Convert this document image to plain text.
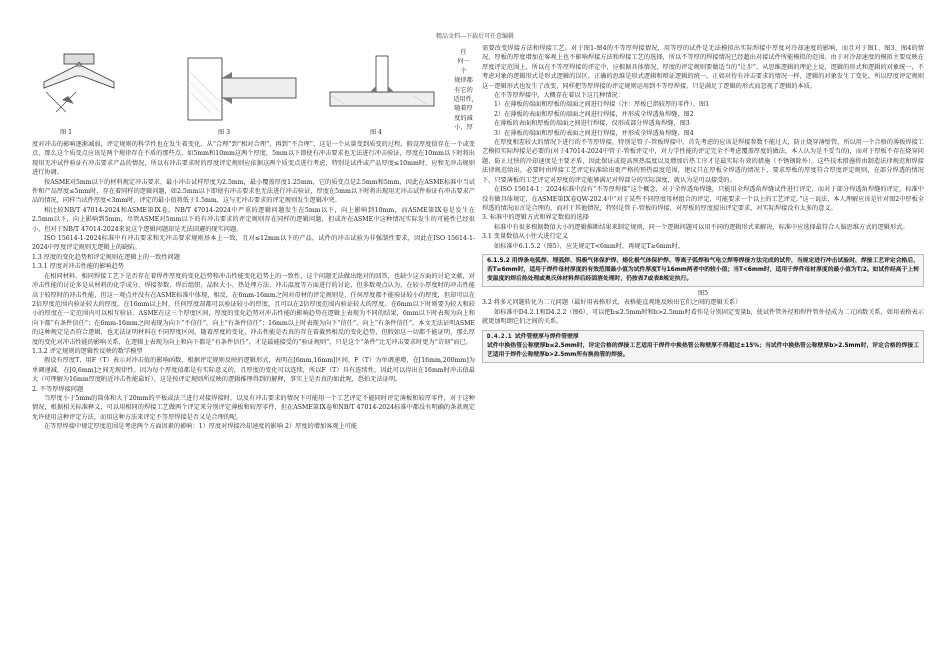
精品文档---下载后可任意编辑
图 1	图 3	图 4
任
何一
个
规律都
有它的
适用性,
随着厚
度的减
小，厚

度对冲击的影响逐渐减弱，评定规则的科学性也在发生着变化，从“合理”到“相对合理”，再到“不合理”，这是一个从量变到质变的过程，假设厚度值存在一个或变点，那么这个质变点应该是两个规律存在不盾的那些点，如5mm和10mm这两个厚度，5mm以下即使有冲击要求也无法进行冲击验证，厚度在10mm以下时将出现用无冲试件验证有冲击要求产品的情况，所以有冲击要求时的厚度评定规则应依据这两个质变点进行考虑，特别是试件或产品厚度≤10mm时，应和无冲击规则进行协调。

按ASME对5mm以下的材料规定冲击要求，最小冲击试样厚度为2.5mm，最小覆盖厚度1.25mm，它的质变点是2.5mm和5mm，因此在ASME标准中当试件和产品厚度≤5mm时，存在着同样的逻辑问题，如2.5mm以下即使有冲击要求也无法进行冲击验证，厚度在5mm以下时将出现用无冲击试件验证有冲击要求产品的情况，同样当试件厚度<3mm时，评定的最小值将低于1.5mm，这与无冲击要求的评定规则发生逻辑冲突。

相比较NB/T 47014-2024和ASME第IX卷，NB/T 47014-2024中严重的逻辑问题发生在5mm以下，向上影响到10mm，而ASME第IX卷是发生在2.5mm以下，向上影响到5mm，尽管ASME对5mm以下的有冲击要求的评定规则存在同样的逻辑问题，但或许在ASME中这种情况实际发生的可能性已经很小，但对于NB/T 47014-2024来说这个逻辑问题却是无法回避的现实问题。

ISO 15614-1-2024标准中有冲击要求和无冲击要求规则基本上一致，且对≤12mm以下的产品，试件的冲击试验为非强制性要求，因此在ISO 15614-1-2024中厚度评定规则无逻辑上的缺陷。

1.3 厚度的变化趋势和评定规则在逻辑上的一致性问题

1.3.1 厚度对冲击性能的影响趋势

在相同材料、相同焊接工艺下是否存在着焊件厚度的变化趋势和冲击性能变化趋势上的一致性，这个问题无法做出绝对的回答，也缺少这方面的讨论文献，对冲击性能的讨论多是从材料的化学成分、焊接参数、焊后组织、晶粒大小、热处理方法、冲击温度等方面进行的讨论，但多数观点认为，在较小厚度时的冲击性能高于较厚时的冲击性能，但这一观点并没有在ASME标准中体现，相反，在6mm-16mm之间对母材的评定规则是，任何厚度都不能验证较小的厚度，但却可以在2倍厚度范围内验证较大的厚度。在16mm以上时，任何厚度却都可以验证较小的厚度，且可以在2倍厚度范围内验证较大的厚度。在6mm以下时则要为较大和较小的厚度在一定范围内可以相互验证。ASME在这三个厚度区间，厚度的变化趋势对冲击性能的影响趋势在逻辑上表现为不同的结果，6mm以下时表现为向上和向下都“有条件信任”；在6mm-16mm之间表现为向下“不信任”，向上“有条件信任”；16mm以上时表现为向下“信任”，向上“有条件信任”。本文无法证明ASME的这种规定是否符合逻辑，也无法证明材料在不同厚度区间，随着厚度的变化，冲击性能是否真的存在着截然相反的变化趋势，但假如这一切都不能证明，那么厚度的变化对冲击性能的影响关系，在逻辑上表现为向上和向下都是“有条件信任”，才是最能接受的“验证规则”，只是这个“条件”比无冲击要求时更为“苛刻”而已。

1.3.2 评定规则的逻辑性反映的数学模型

假设有厚度T，用F（T）表示对冲击值的影响函数，根据评定规则反映的逻辑形式，表明在[6mm,16mm]区间，F（T）为单调递增，在[16mm,200mm]为单调递减，在[0,6mm]之间无规律性。因为每个厚度值都是有实际意义的，且厚度的变化可以连续，所以F（T）具有连续性，因此可以得出在16mm时冲击值最大（可理解为16mm厚度附近冲击性能最好），这是按评定规则所反映的逻辑推理得到的解释，事实上是否真的如此呢，恐怕无法证明。

2. 不等厚焊接问题

当厚度小于5mm的筒体和大于20mm的平板或法兰进行对接焊接时，以及有冲击要求的情况下可能用一个工艺评定不能同时评定薄板和较厚零件，对于这种情况，根据相关标准释义，可以用相同的焊接工艺做两个评定来分别评定薄板和较厚零件，但在ASME第IX卷和NB/T 47014-2024标准中都没有明确的条款规定允许使用这种评定方法，而用这种方法来评定不等厚焊接是否又是合理的呢。

在等厚焊接中规定厚度范围是考虑两个方面因素的影响：1）厚度对焊接冷却速度的影响 2）厚度的增加客观上可能

需要改变焊接方法和焊接工艺。对于图1-图4的不等厚焊接情况，用等厚的试件是无法模拟出实际焊接中厚度对冷却速度的影响，而且对于图1、图3、图4的情况，厚板的厚度增加在客观上也不影响焊接方法和焊接工艺的选择，所以不等厚的焊接情况已经超出对接试件所能模拟的范围。由于对冷却速度的模拟主要反映在厚度评定范围上，所以在不等厚焊接的评定中，应根据具体情况，厚度的评定规则要做适当的“让步”，从思维逻辑的理论上说，逻辑的形式和逻辑的对象统一，不考虑对象的逻辑形式是形式逻辑的误区，正确的思维是形式逻辑和辩证逻辑的统一。正如对待有冲击要求的情况一样，逻辑的对象发生了变化，所以厚度评定规则这一逻辑形式也发生了改变，同样把等厚焊接的评定规则运用到不等厚焊接，只是满足了逻辑的形式而忽视了逻辑的本质。

在不等厚焊接中，大概存在着以下这几种情况：

1）在薄板的端面和厚板的端面之间进行焊接（注：厚板已指较厚的零件），图1

2）在薄板的表面和厚板的端面之间进行焊接，并形成全焊透角焊缝，图2

在薄板的表面和厚板的端面之间进行焊接，仅形成部分焊透角焊缝，图3

3）在薄板的端面和厚板的表面之间进行焊接，并形成全焊透角焊缝，图4

在厚度相差较大的情况下进行的不等厚焊接，特别是管子-管板焊接中，首先考虑的应该是焊接参数不能过大，防止烧穿薄壁管，所以用一个合格的薄板焊接工艺模拟实际焊接是必要的(对于47014-2024中管子-管板评定中，对力学性能的评定完全不考虑覆盖厚度的做法，本人认为是不妥当的)，而对于厚板不存在烧穿问题，防止过快的冷却速度是主要矛盾，因此保证或提高预热温度以及增加后热工序才是最实际有效的措施（不锈钢除外）。这些技术措施将由制造法律规范和焊接法律规范给出，必要时由焊接工艺评定标准给出更严格的预热温度范围，建议只在厚板全焊透的情况下，要求厚板的厚度符合厚度评定规则，在部分焊透的情况下，只要薄板的工艺评定对厚度的评定能够满足对焊部分的实际深度，就认为是可以接受的。

在ISO 15614-1：2024标准中没有“不等厚焊接”这个概念，对于全焊透角焊缝，只能用全焊透角焊缝试件进行评定，而对于部分焊透角焊缝的评定，标准中没有做具体规定，在ASME第IX卷QW-202.4中“对于某些不同厚度母材组合的评定，可能要求一个以上的工艺评定。”这一说法，本人理解应该是针对图2中厚板全焊透的情况而言是合理的，而对于其他情况，特别是管子-管板的焊接，对厚板的厚度提出评定要求，对实际焊接没有太多的意义。

3. 标准中的逻辑方式和界定数值的选择

标准中有很多根据数值大小的逻辑推断结果来制定规则，同一个逻辑问题可以用不同的逻辑形式来解决，标准中应选择最符合人脑思维方式的逻辑形式。

3.1 变量数值从小往大进行定义

如标准中6.1.5.2（图5），应先规定T<6mm时，再规定T≥6mm时。

6.1.5.2 用焊条电弧焊、埋弧焊、钨极气体保护焊、熔化极气体保护焊、等离子弧焊和气电立焊等焊接方法完成的试件，当规定进行冲击试验时，焊接工艺评定合格后，若T≥6mm时，适用于焊件母材厚度的有效范围最小值为试件厚度T与16mm两者中的较小值；当T<6mm时，适用于焊件母材厚度的最小值为T/2。如试件经高于上转变温度的焊后热处理或奥氏体材料焊后经固溶处理时，仍按表7或表8规定执行。

图5

3.2 将多元问题转化为二元问题（最好用表格形式，表格能直观地反映出它们之间的逻辑关系）

如标准中D4.2.1和D4.2.2（图6），可以把b≤2.5mm时和b>2.5mm时看作是分别固定变量b，使试件管外径和焊件管外径成为二元函数关系，如用表格表示就更加明朗它们之间的关系。

D.4.2.1 试件管壁厚与焊件管壁厚
试件中换热管公称壁厚b≤2.5mm时，评定合格的焊接工艺适用于焊件中换热管公称壁厚不得超过±15%；当试件中换热管公称壁厚b>2.5mm时，评定合格的焊接工艺适用于焊件公称壁厚b>2.5mm所有换热管的焊接。
